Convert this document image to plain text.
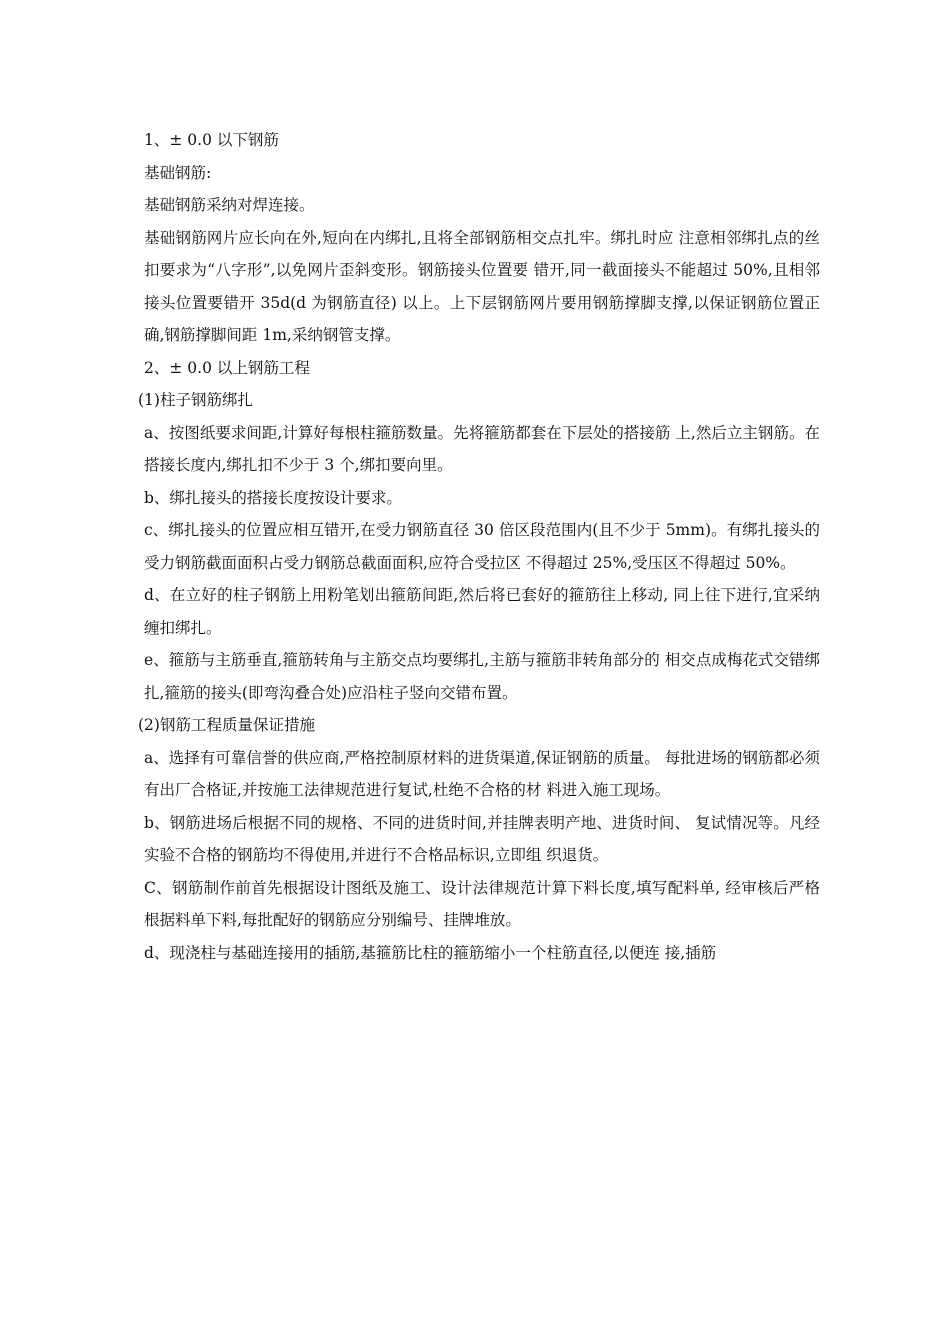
1、± 0.0 以下钢筋

基础钢筋:

基础钢筋采纳对焊连接。

基础钢筋网片应长向在外,短向在内绑扎,且将全部钢筋相交点扎牢。绑扎时应 注意相邻绑扎点的丝扣要求为“八字形”,以免网片歪斜变形。钢筋接头位置要 错开,同一截面接头不能超过 50%,且相邻接头位置要错开 35d(d 为钢筋直径) 以上。上下层钢筋网片要用钢筋撑脚支撑,以保证钢筋位置正确,钢筋撑脚间距 1m,采纳钢管支撑。

2、± 0.0 以上钢筋工程

(1)柱子钢筋绑扎

a、按图纸要求间距,计算好每根柱箍筋数量。先将箍筋都套在下层处的搭接筋 上,然后立主钢筋。在搭接长度内,绑扎扣不少于 3 个,绑扣要向里。

b、绑扎接头的搭接长度按设计要求。

c、绑扎接头的位置应相互错开,在受力钢筋直径 30 倍区段范围内(且不少于 5mm)。有绑扎接头的受力钢筋截面面积占受力钢筋总截面面积,应符合受拉区 不得超过 25%,受压区不得超过 50%。

d、在立好的柱子钢筋上用粉笔划出箍筋间距,然后将已套好的箍筋往上移动, 同上往下进行,宜采纳缠扣绑扎。

e、箍筋与主筋垂直,箍筋转角与主筋交点均要绑扎,主筋与箍筋非转角部分的 相交点成梅花式交错绑扎,箍筋的接头(即弯沟叠合处)应沿柱子竖向交错布置。

(2)钢筋工程质量保证措施

a、选择有可靠信誉的供应商,严格控制原材料的进货渠道,保证钢筋的质量。 每批进场的钢筋都必须有出厂合格证,并按施工法律规范进行复试,杜绝不合格的材 料进入施工现场。

b、钢筋进场后根据不同的规格、不同的进货时间,并挂牌表明产地、进货时间、 复试情况等。凡经实验不合格的钢筋均不得使用,并进行不合格品标识,立即组 织退货。

C、钢筋制作前首先根据设计图纸及施工、设计法律规范计算下料长度,填写配料单, 经审核后严格根据料单下料,每批配好的钢筋应分别编号、挂牌堆放。

d、现浇柱与基础连接用的插筋,基箍筋比柱的箍筋缩小一个柱筋直径,以便连 接,插筋
